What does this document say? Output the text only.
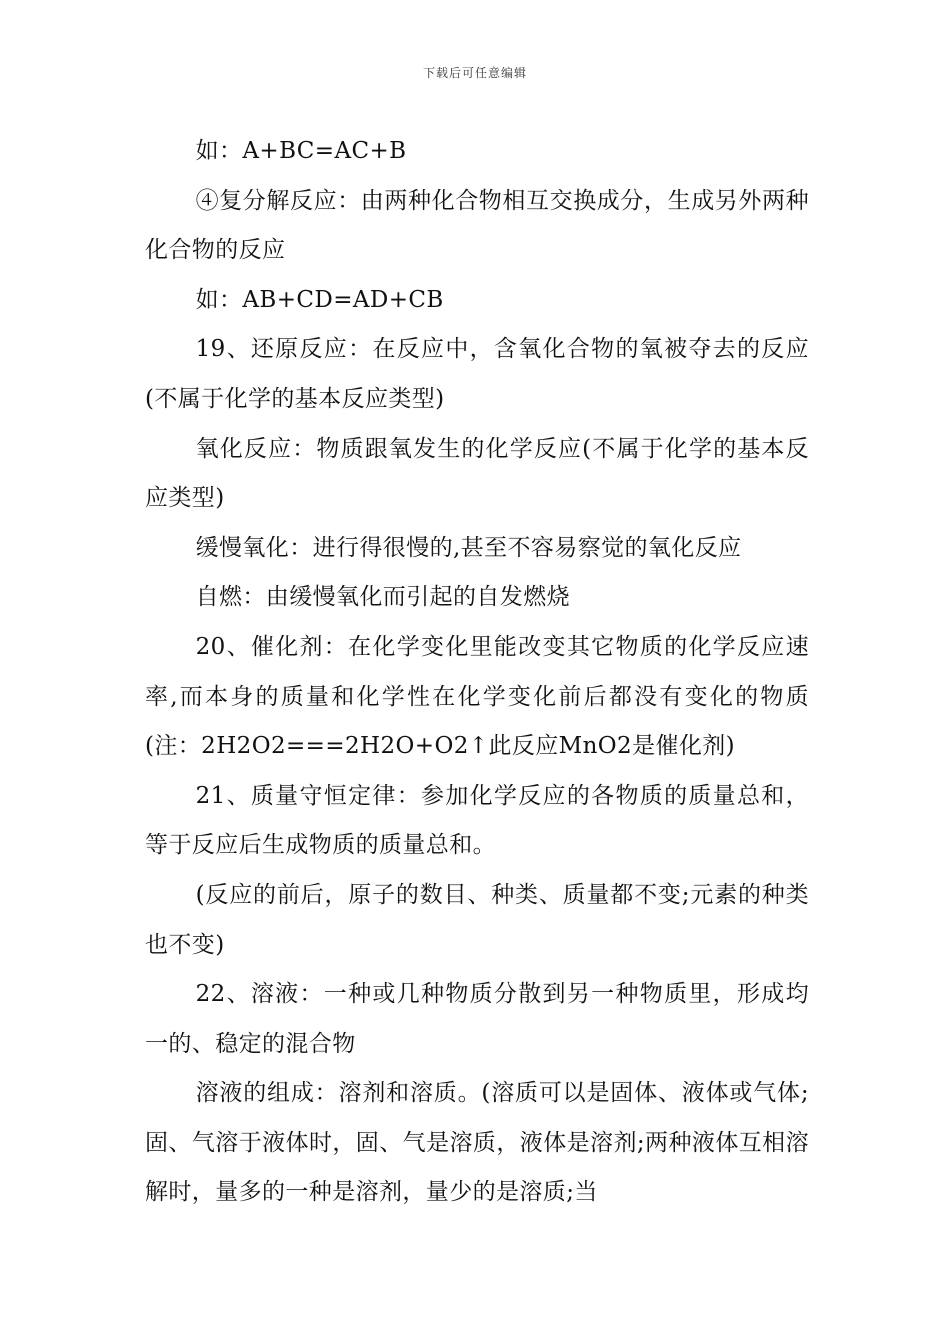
下载后可任意编辑

如：A+BC=AC+B

④复分解反应：由两种化合物相互交换成分，生成另外两种化合物的反应

如：AB+CD=AD+CB

19、还原反应：在反应中，含氧化合物的氧被夺去的反应(不属于化学的基本反应类型)

氧化反应：物质跟氧发生的化学反应(不属于化学的基本反应类型)

缓慢氧化：进行得很慢的,甚至不容易察觉的氧化反应

自燃：由缓慢氧化而引起的自发燃烧

20、催化剂：在化学变化里能改变其它物质的化学反应速率,而本身的质量和化学性在化学变化前后都没有变化的物质(注：2H2O2===2H2O+O2↑此反应MnO2是催化剂)

21、质量守恒定律：参加化学反应的各物质的质量总和，等于反应后生成物质的质量总和。

(反应的前后，原子的数目、种类、质量都不变;元素的种类也不变)

22、溶液：一种或几种物质分散到另一种物质里，形成均一的、稳定的混合物

溶液的组成：溶剂和溶质。(溶质可以是固体、液体或气体;固、气溶于液体时，固、气是溶质，液体是溶剂;两种液体互相溶解时，量多的一种是溶剂，量少的是溶质;当
